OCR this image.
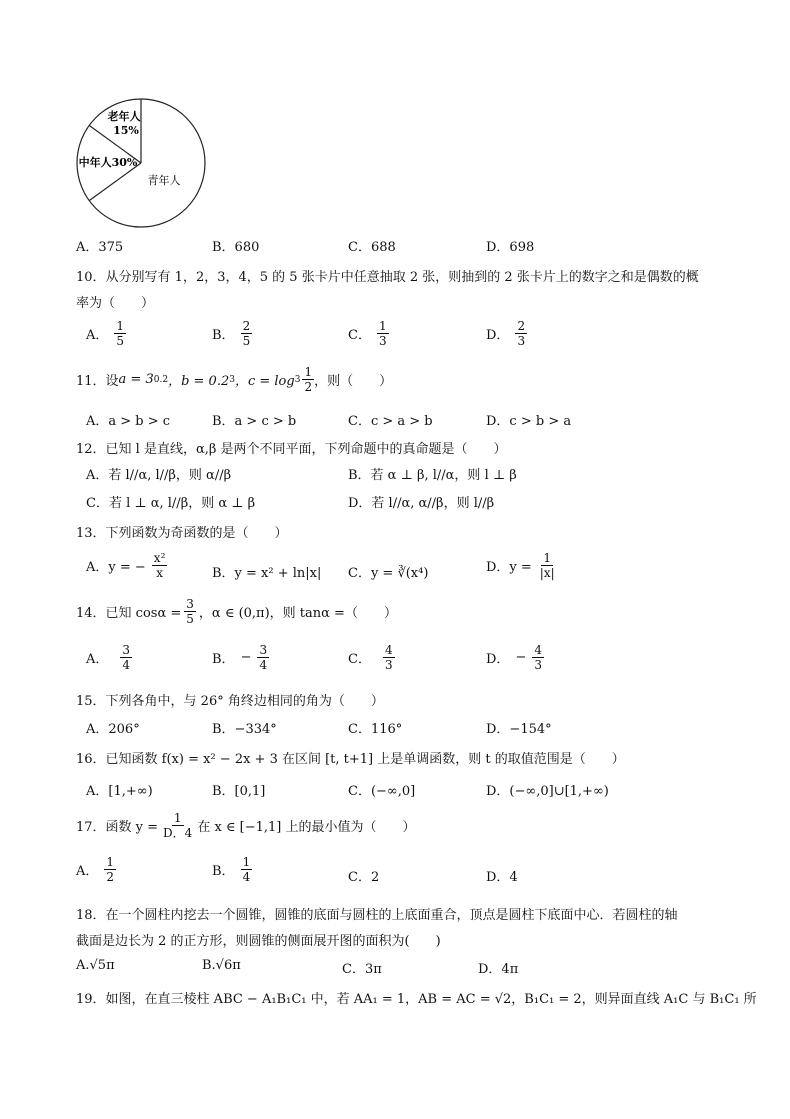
老年人
15%
中年人30%
青年人
A．375	B．680	C．688	D．698
10．从分别写有 1，2，3，4，5 的 5 张卡片中任意抽取 2 张，则抽到的 2 张卡片上的数字之和是偶数的概
率为（　　）
A． $\frac{1}{5}$	B． $\frac{2}{5}$	C． $\frac{1}{3}$	D． $\frac{2}{3}$
11．设 a = 3 0.2 ，b = 0.2 3 ，$c = \log 3 \frac{1}{2}$ ，则（　　）
A．a > b > c	B．a > c > b	C．c > a > b	D．c > b > a
12．已知 l 是直线，α,β 是两个不同平面，下列命题中的真命题是（　　）
A．若 l//α, l//β，则 α//β	B．若 α ⊥ β, l//α，则 l ⊥ β
C．若 l ⊥ α, l//β，则 α ⊥ β	D．若 l//α, α//β，则 l//β
13．下列函数为奇函数的是（　　）
A．y = − $\frac{\text{x²}}{x}$	B．y = x² + ln|x| C．y = ∛(x⁴)	D．$y = \frac{1}{|x|}$
14．已知 $\cos\alpha = \frac{3}{5}$ ，α ∈ (0,π)，则 tanα =（　　）
A． $\frac{3}{4}$	B． − $\frac{3}{4}$	C． $\frac{4}{3}$	D． − $\frac{4}{3}$
15．下列各角中，与 26° 角终边相同的角为（　　）
A．206°	B．−334°	C．116°	D．−154°
16．已知函数 f(x) = x² − 2x + 3 在区间 [t, t+1] 上是单调函数，则 t 的取值范围是（　　）
A．[1,+∞)	B．[0,1]	C．(−∞,0]	D．(−∞,0]∪[1,+∞)
17．函数 $y = \frac{1}{D.4}$ 在 x ∈ [−1,1] 上的最小值为（　　）
A． $\frac{1}{2}$	B． $\frac{1}{4}$	C．2	D．4
18．在一个圆柱内挖去一个圆锥，圆锥的底面与圆柱的上底面重合，顶点是圆柱下底面中心．若圆柱的轴
截面是边长为 2 的正方形，则圆锥的侧面展开图的面积为(　　)
A.√5π	B.√6π	C．3π	D．4π
19．如图，在直三棱柱 ABC − A₁B₁C₁ 中，若 AA₁ = 1，AB = AC = √2，B₁C₁ = 2，则异面直线 A₁C 与 B₁C₁ 所
